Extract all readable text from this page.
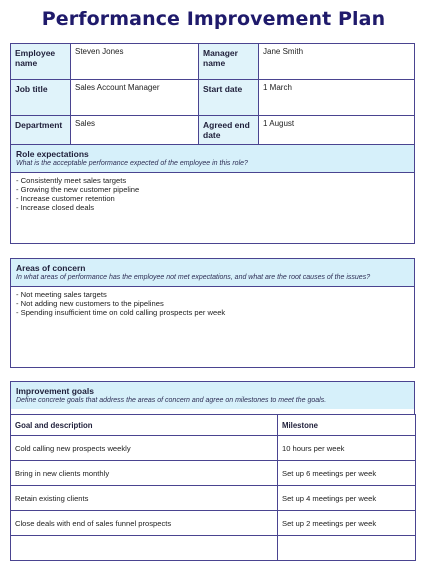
Performance Improvement Plan
Employee name	Steven Jones	Manager name	Jane Smith
Job title	Sales Account Manager	Start date	1 March
Department	Sales	Agreed end date	1 August
Role expectations
What is the acceptable performance expected of the employee in this role?
- Consistently meet sales targets
- Growing the new customer pipeline
- Increase customer retention
- Increase closed deals
Areas of concern
In what areas of performance has the employee not met expectations, and what are the root causes of the issues?
- Not meeting sales targets
- Not adding new customers to the pipelines
- Spending insufficient time on cold calling prospects per week
Improvement goals
Define concrete goals that address the areas of concern and agree on milestones to meet the goals.
Goal and description	Milestone
Cold calling new prospects weekly	10 hours per week
Bring in new clients monthly	Set up 6 meetings per week
Retain existing clients	Set up 4 meetings per week
Close deals with end of sales funnel prospects	Set up 2 meetings per week
